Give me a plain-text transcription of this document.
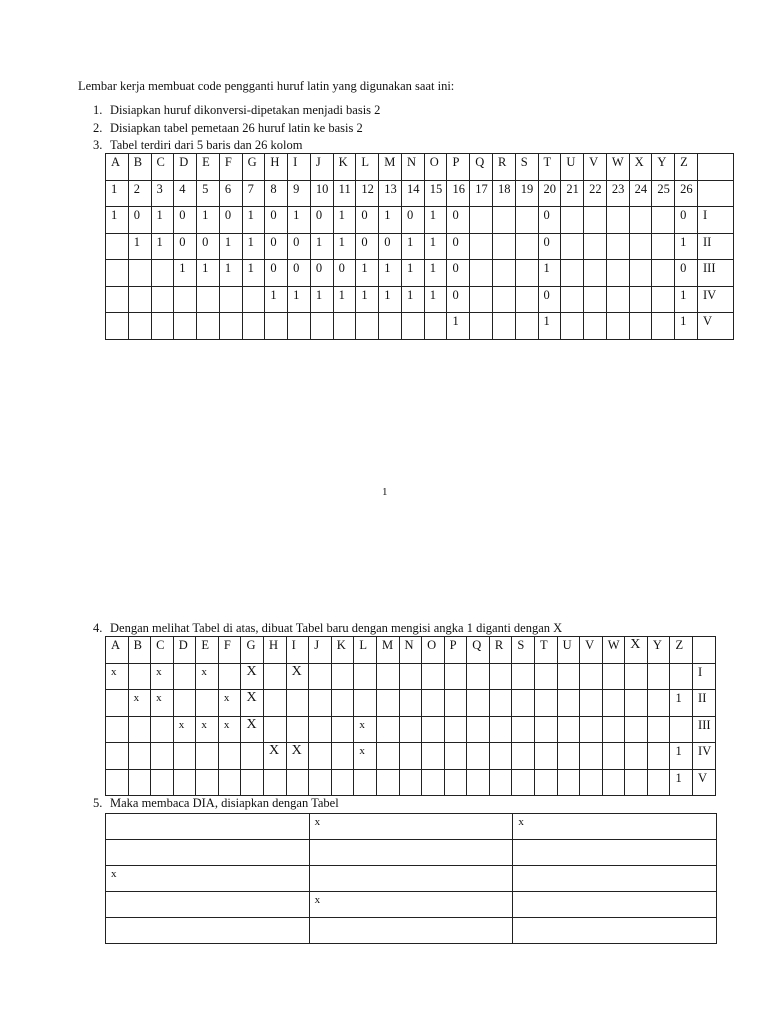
Lembar kerja membuat code pengganti huruf latin yang digunakan saat ini:
1. Disiapkan huruf dikonversi-dipetakan menjadi basis 2
2. Disiapkan tabel pemetaan 26 huruf latin ke basis 2
3. Tabel terdiri dari 5 baris dan 26 kolom
A	B	C	D	E	F	G	H	I	J	K	L	M	N	O	P	Q	R	S	T	U	V	W	X	Y	Z	
1	2	3	4	5	6	7	8	9	10	11	12	13	14	15	16	17	18	19	20	21	22	23	24	25	26	
1	0	1	0	1	0	1	0	1	0	1	0	1	0	1	0				0						0	I
	1	1	0	0	1	1	0	0	1	1	0	0	1	1	0				0						1	II
			1	1	1	1	0	0	0	0	1	1	1	1	0				1						0	III
							1	1	1	1	1	1	1	1	0				0						1	IV
															1				1						1	V
1
4. Dengan melihat Tabel di atas, dibuat Tabel baru dengan mengisi angka 1 diganti dengan X
A	B	C	D	E	F	G	H	I	J	K	L	M	N	O	P	Q	R	S	T	U	V	W	X	Y	Z	
x		x		x		X		X																		I
	x	x			x	X																			1	II
			x	x	x	X					x															III
							X	X			x														1	IV
																									1	V
5. Maka membaca DIA, disiapkan dengan Tabel
	x	x

x		
	x	
